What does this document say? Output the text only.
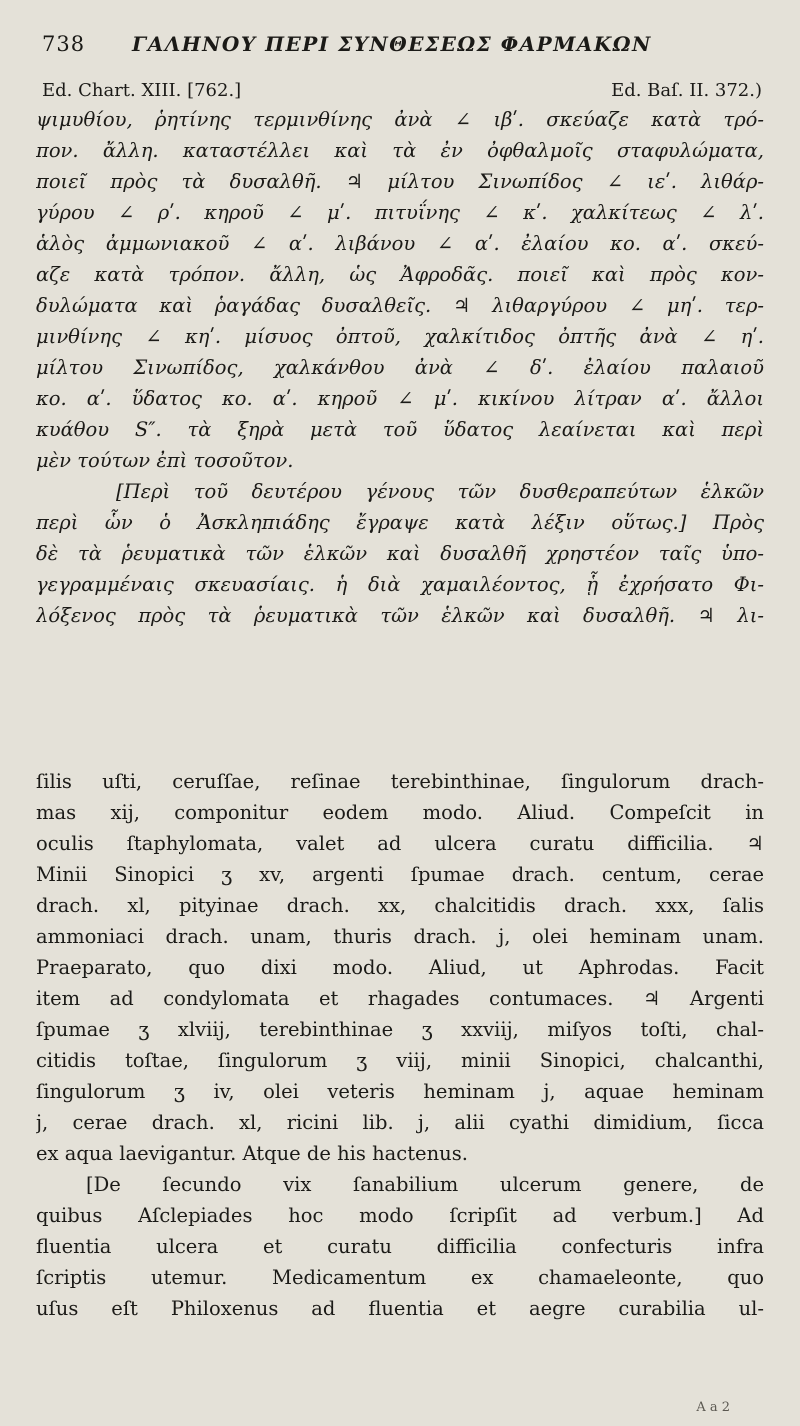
738 ΓΑΛΗΝΟΥ ΠΕΡΙ ΣΥΝΘΕΣΕΩΣ ΦΑΡΜΑΚΩΝ
Ed. Chart. XIII. [762.]	Ed. Baſ. II. 372.)
ψιμυθίου, ῥητίνης τερμινθίνης ἀνὰ ∠ ιβʹ. σκεύαζε κατὰ τρό-
πον. ἄλλη. καταστέλλει καὶ τὰ ἐν ὀφθαλμοῖς σταφυλώματα,
ποιεῖ πρὸς τὰ δυσαλθῆ. ♃ μίλτου Σινωπίδος ∠ ιεʹ. λιθάρ-
γύρου ∠ ρʹ. κηροῦ ∠ μʹ. πιτυΐνης ∠ κʹ. χαλκίτεως ∠ λʹ.
ἁλὸς ἀμμωνιακοῦ ∠ αʹ. λιβάνου ∠ αʹ. ἐλαίου κο. αʹ. σκεύ-
αζε κατὰ τρόπον. ἄλλη, ὡς Ἀφροδᾶς. ποιεῖ καὶ πρὸς κον-
δυλώματα καὶ ῥαγάδας δυσαλθεῖς. ♃ λιθαργύρου ∠ μηʹ. τερ-
μινθίνης ∠ κηʹ. μίσυος ὀπτοῦ, χαλκίτιδος ὀπτῆς ἀνὰ ∠ ηʹ.
μίλτου Σινωπίδος, χαλκάνθου ἀνὰ ∠ δʹ. ἐλαίου παλαιοῦ
κο. αʹ. ὕδατος κο. αʹ. κηροῦ ∠ μʹ. κικίνου λίτραν αʹ. ἄλλοι
κυάθου S″. τὰ ξηρὰ μετὰ τοῦ ὕδατος λεαίνεται καὶ περὶ
μὲν τούτων ἐπὶ τοσοῦτον.
[Περὶ τοῦ δευτέρου γένους τῶν δυσθεραπεύτων ἑλκῶν
περὶ ὧν ὁ Ἀσκληπιάδης ἔγραψε κατὰ λέξιν οὕτως.] Πρὸς
δὲ τὰ ῥευματικὰ τῶν ἑλκῶν καὶ δυσαλθῆ χρηστέον ταῖς ὑπο-
γεγραμμέναις σκευασίαις. ἡ διὰ χαμαιλέοντος, ᾗ ἐχρήσατο Φι-
λόξενος πρὸς τὰ ῥευματικὰ τῶν ἑλκῶν καὶ δυσαλθῆ. ♃ λι-
ſilis uſti, ceruſſae, reſinae terebinthinae, ſingulorum drach-
mas xij, componitur eodem modo. Aliud. Compeſcit in
oculis ſtaphylomata, valet ad ulcera curatu difficilia. ♃
Minii Sinopici ʒ xv, argenti ſpumae drach. centum, cerae
drach. xl, pityinae drach. xx, chalcitidis drach. xxx, ſalis
ammoniaci drach. unam, thuris drach. j, olei heminam unam.
Praeparato, quo dixi modo. Aliud, ut Aphrodas. Facit
item ad condylomata et rhagades contumaces. ♃ Argenti
ſpumae ʒ xlviij, terebinthinae ʒ xxviij, miſyos toſti, chal-
citidis toſtae, ſingulorum ʒ viij, minii Sinopici, chalcanthi,
ſingulorum ʒ iv, olei veteris heminam j, aquae heminam
j, cerae drach. xl, ricini lib. j, alii cyathi dimidium, ſicca
ex aqua laevigantur. Atque de his hactenus.
[De ſecundo vix ſanabilium ulcerum genere, de
quibus Aſclepiades hoc modo ſcripſit ad verbum.] Ad
fluentia ulcera et curatu difficilia confecturis infra
ſcriptis utemur. Medicamentum ex chamaeleonte, quo
uſus eſt Philoxenus ad fluentia et aegre curabilia ul-
A a 2
